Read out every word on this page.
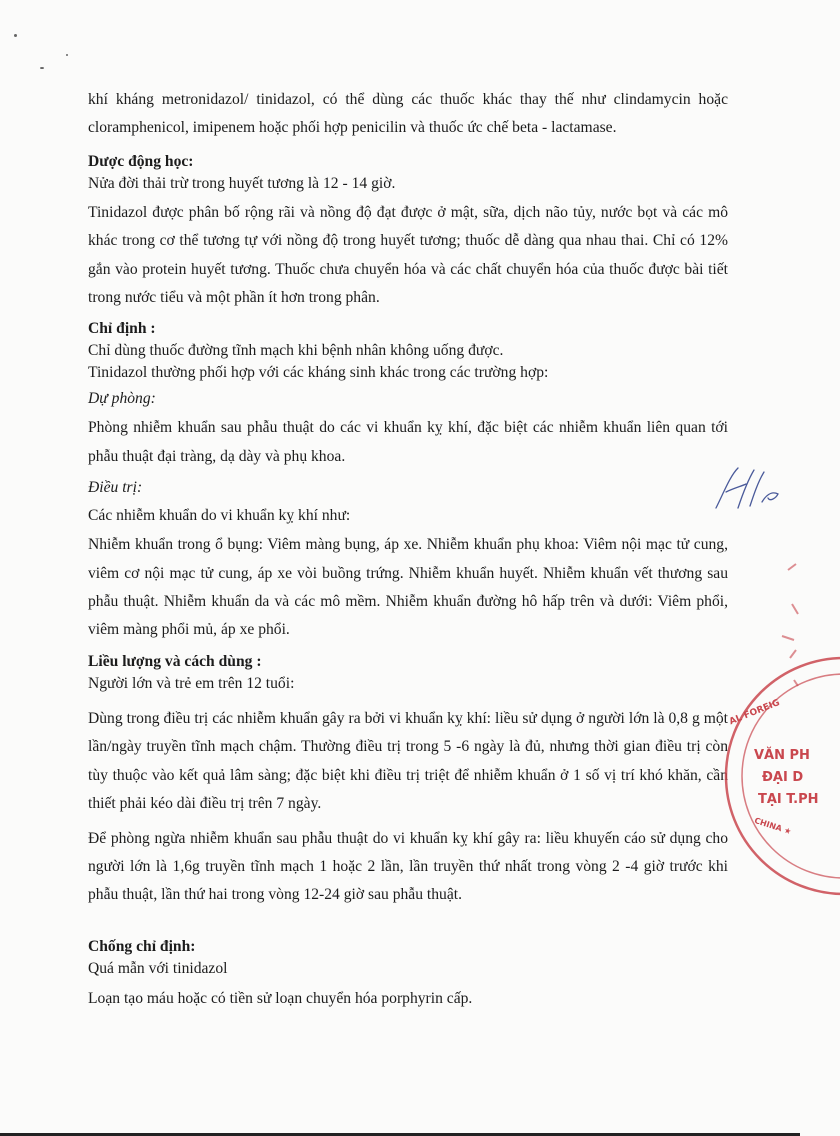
khí kháng metronidazol/ tinidazol, có thể dùng các thuốc khác thay thế như clindamycin hoặc cloramphenicol, imipenem hoặc phối hợp penicilin và thuốc ức chế beta - lactamase.

Dược động học:

Nửa đời thải trừ trong huyết tương là 12 - 14 giờ.

Tinidazol được phân bố rộng rãi và nồng độ đạt được ở mật, sữa, dịch não tủy, nước bọt và các mô khác trong cơ thể tương tự với nồng độ trong huyết tương; thuốc dễ dàng qua nhau thai. Chỉ có 12% gắn vào protein huyết tương. Thuốc chưa chuyển hóa và các chất chuyển hóa của thuốc được bài tiết trong nước tiểu và một phần ít hơn trong phân.

Chỉ định :

Chỉ dùng thuốc đường tĩnh mạch khi bệnh nhân không uống được.

Tinidazol thường phối hợp với các kháng sinh khác trong các trường hợp:

Dự phòng:

Phòng nhiễm khuẩn sau phẫu thuật do các vi khuẩn kỵ khí, đặc biệt các nhiễm khuẩn liên quan tới phẫu thuật đại tràng, dạ dày và phụ khoa.

Điều trị:

Các nhiễm khuẩn do vi khuẩn kỵ khí như:

Nhiễm khuẩn trong ổ bụng: Viêm màng bụng, áp xe. Nhiễm khuẩn phụ khoa: Viêm nội mạc tử cung, viêm cơ nội mạc tử cung, áp xe vòi buồng trứng. Nhiễm khuẩn huyết. Nhiễm khuẩn vết thương sau phẫu thuật. Nhiễm khuẩn da và các mô mềm. Nhiễm khuẩn đường hô hấp trên và dưới: Viêm phổi, viêm màng phổi mủ, áp xe phổi.

Liều lượng và cách dùng :

Người lớn và trẻ em trên 12 tuổi:

Dùng trong điều trị các nhiễm khuẩn gây ra bởi vi khuẩn kỵ khí: liều sử dụng ở người lớn là 0,8 g một lần/ngày truyền tĩnh mạch chậm. Thường điều trị trong 5 -6 ngày là đủ, nhưng thời gian điều trị còn tùy thuộc vào kết quả lâm sàng; đặc biệt khi điều trị triệt để nhiễm khuẩn ở 1 số vị trí khó khăn, cần thiết phải kéo dài điều trị trên 7 ngày.

Để phòng ngừa nhiễm khuẩn sau phẫu thuật do vi khuẩn kỵ khí gây ra: liều khuyến cáo sử dụng cho người lớn là 1,6g truyền tĩnh mạch 1 hoặc 2 lần, lần truyền thứ nhất trong vòng 2 -4 giờ trước khi phẫu thuật, lần thứ hai trong vòng 12-24 giờ sau phẫu thuật.

Chống chỉ định:

Quá mẫn với tinidazol

Loạn tạo máu hoặc có tiền sử loạn chuyển hóa porphyrin cấp.

AL FOREIG
VĂN PH
ĐẠI D
TẠI T.PH
CHINA ★
